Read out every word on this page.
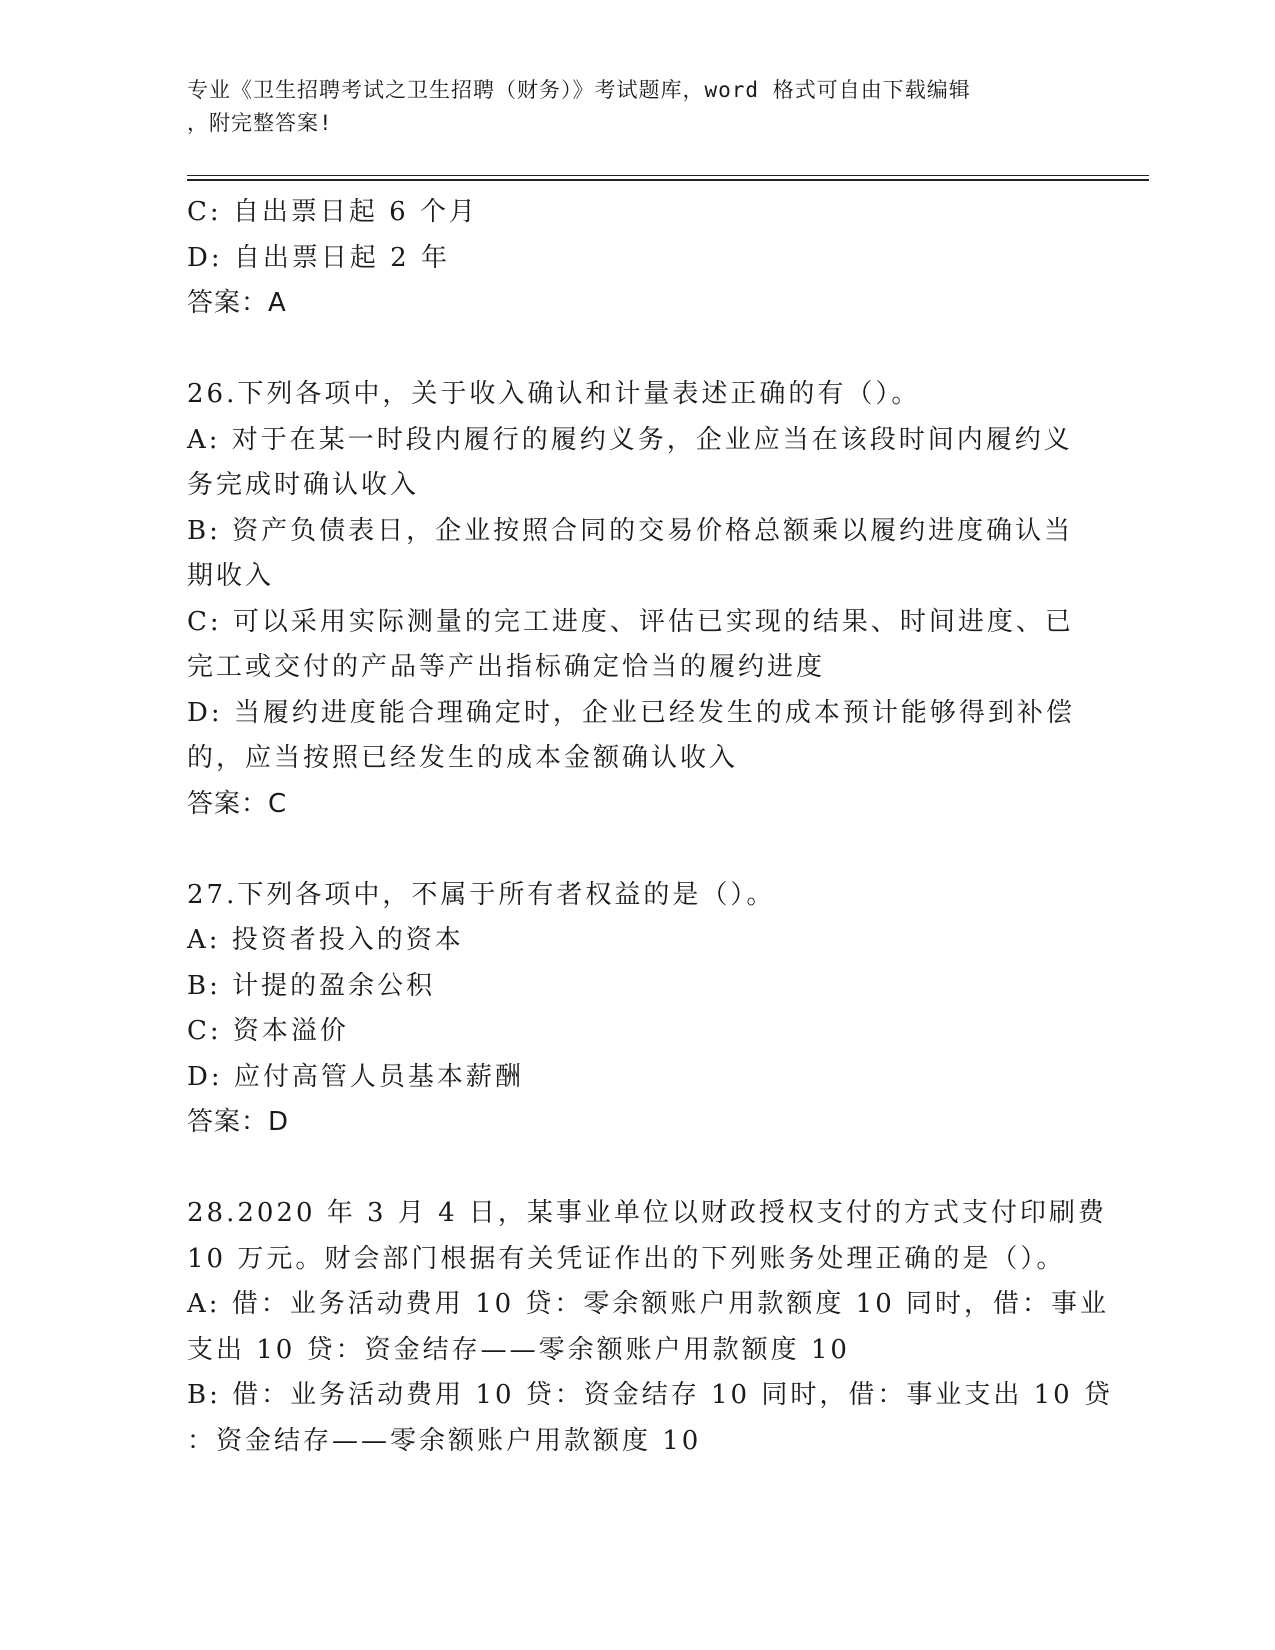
专业《卫生招聘考试之卫生招聘（财务）》考试题库，word 格式可自由下载编辑
，附完整答案!
C: 自出票日起 6 个月
D: 自出票日起 2 年
答案：A
26.下列各项中，关于收入确认和计量表述正确的有（）。
A: 对于在某一时段内履行的履约义务，企业应当在该段时间内履约义
务完成时确认收入
B: 资产负债表日，企业按照合同的交易价格总额乘以履约进度确认当
期收入
C: 可以采用实际测量的完工进度、评估已实现的结果、时间进度、已
完工或交付的产品等产出指标确定恰当的履约进度
D: 当履约进度能合理确定时，企业已经发生的成本预计能够得到补偿
的，应当按照已经发生的成本金额确认收入
答案：C
27.下列各项中，不属于所有者权益的是（）。
A: 投资者投入的资本
B: 计提的盈余公积
C: 资本溢价
D: 应付高管人员基本薪酬
答案：D
28.2020 年 3 月 4 日，某事业单位以财政授权支付的方式支付印刷费
10 万元。财会部门根据有关凭证作出的下列账务处理正确的是（）。
A: 借：业务活动费用 10 贷：零余额账户用款额度 10 同时，借：事业
支出 10 贷：资金结存——零余额账户用款额度 10
B: 借：业务活动费用 10 贷：资金结存 10 同时，借：事业支出 10 贷
：资金结存——零余额账户用款额度 10
